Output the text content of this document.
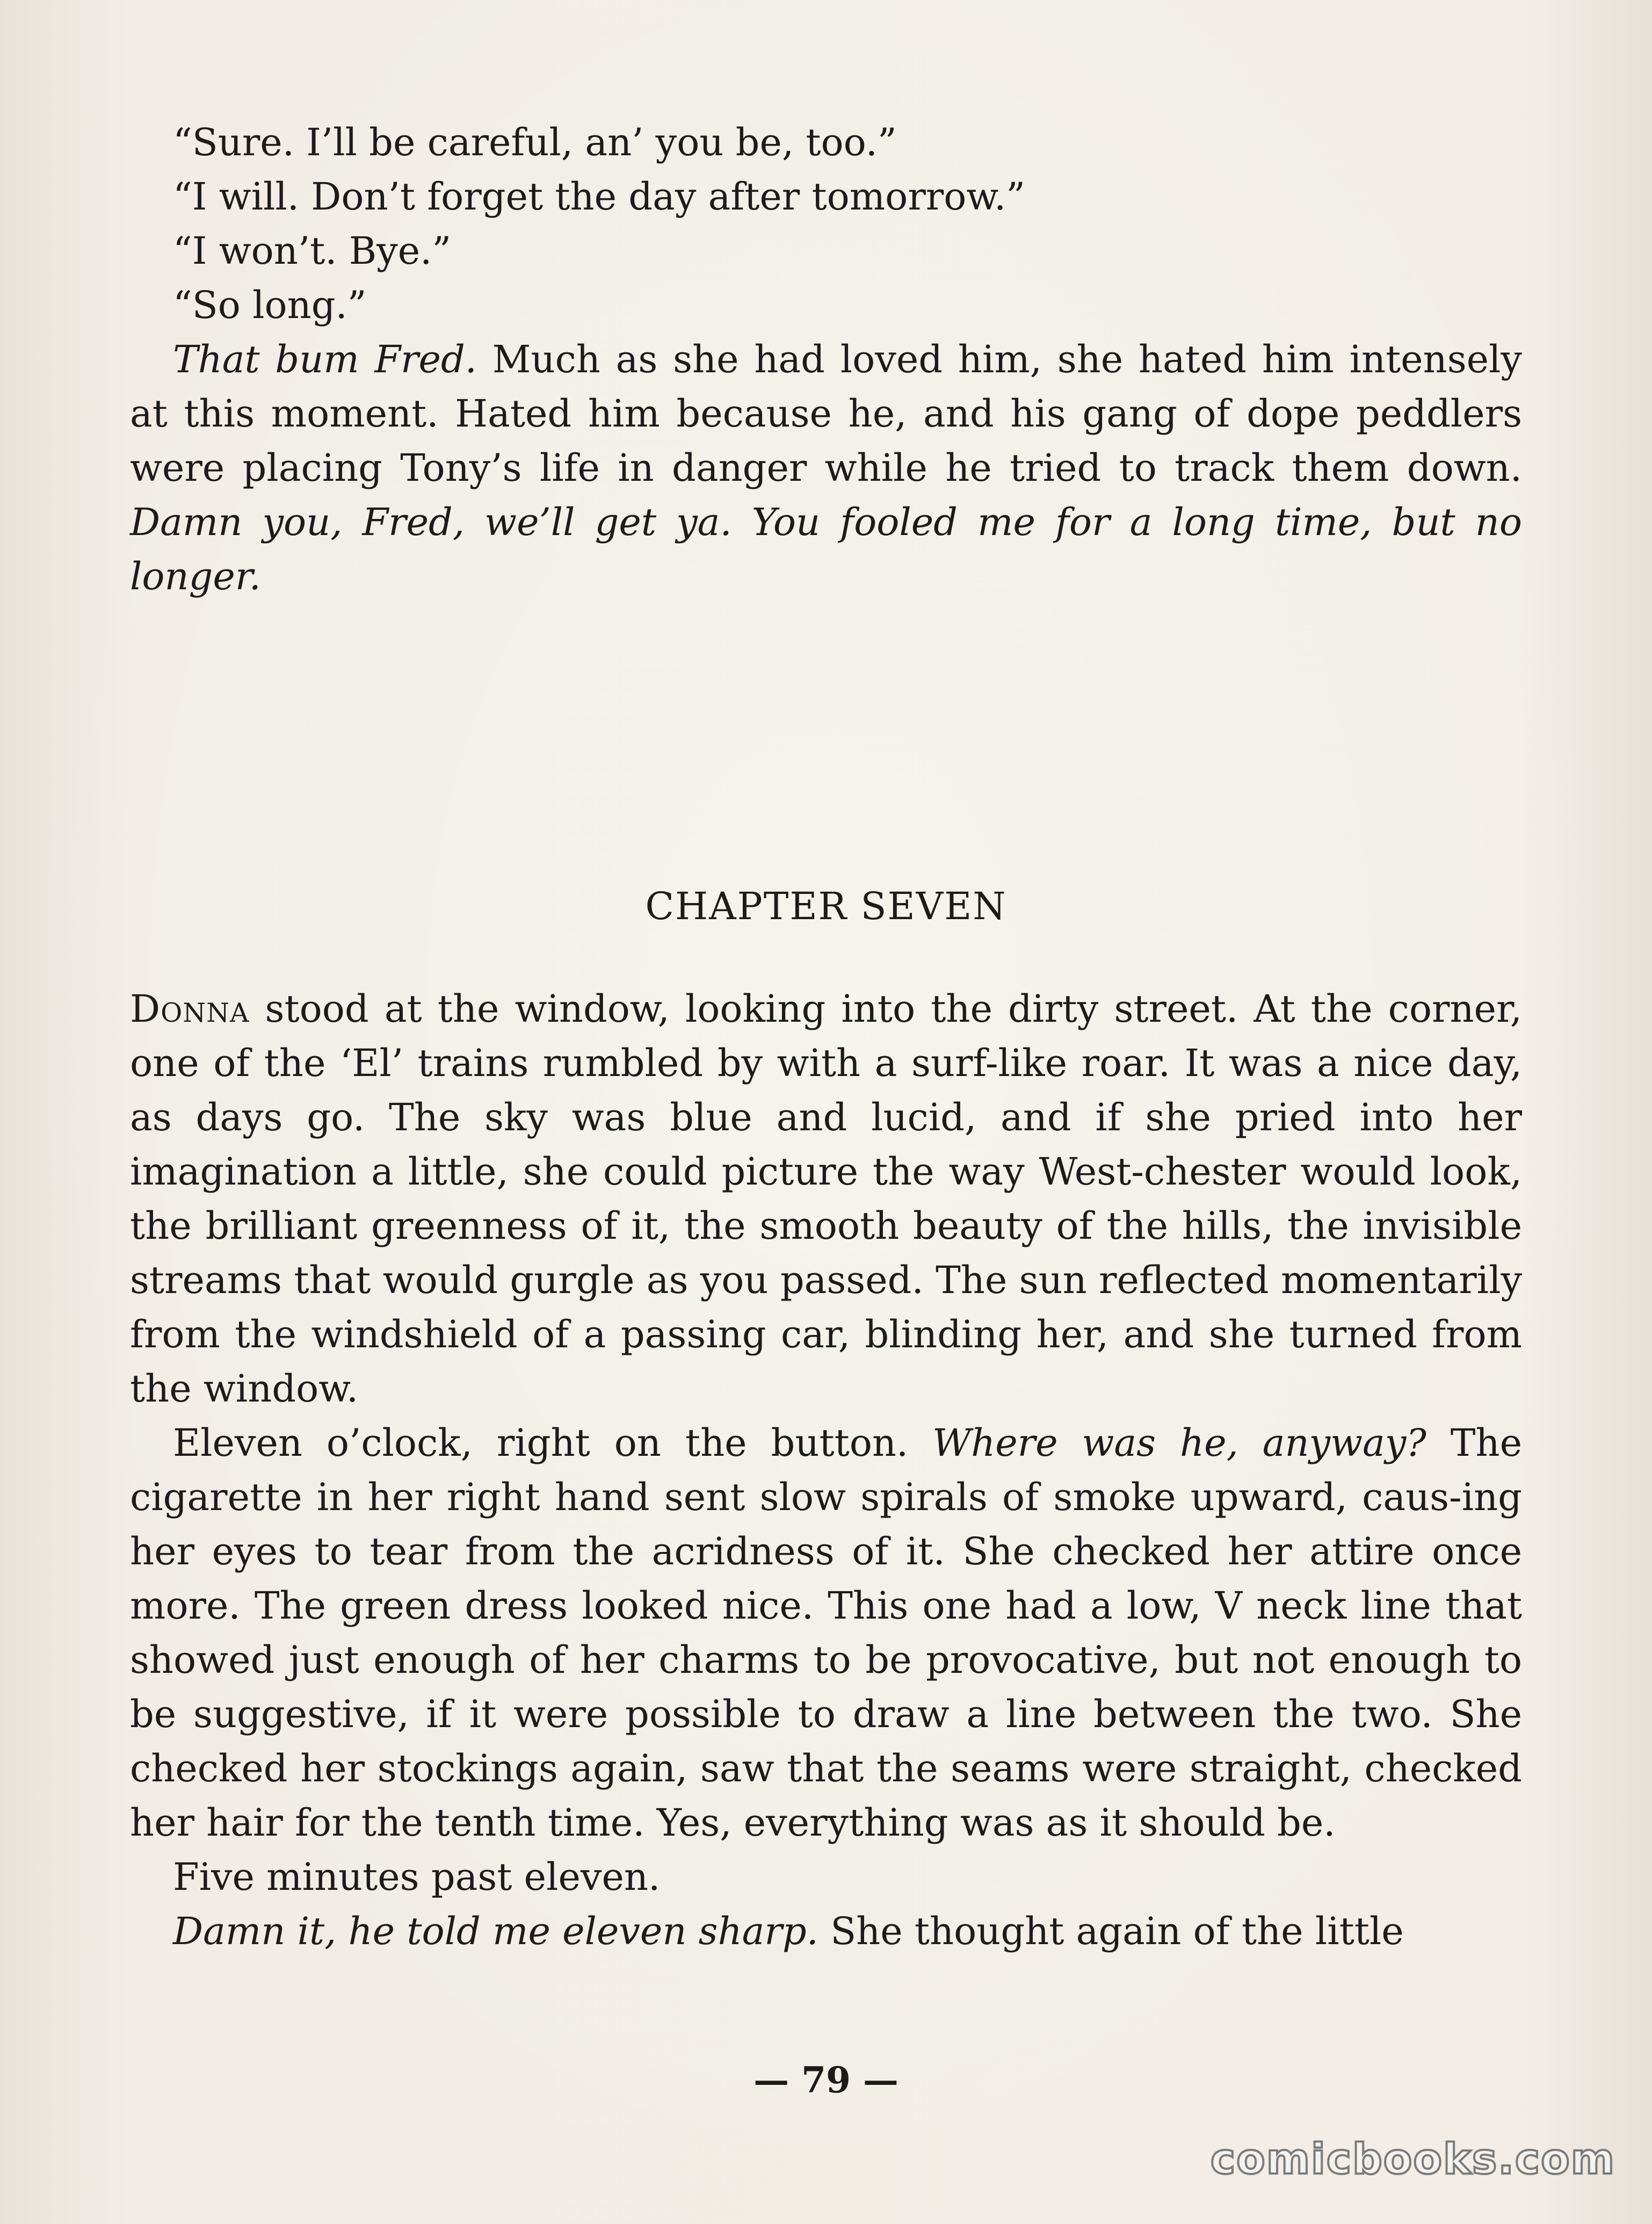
“Sure. I’ll be careful, an’ you be, too.”

“I will. Don’t forget the day after tomorrow.”

“I won’t. Bye.”

“So long.”

That bum Fred. Much as she had loved him, she hated him intensely at this moment. Hated him because he, and his gang of dope peddlers were placing Tony’s life in danger while he tried to track them down. Damn you, Fred, we’ll get ya. You fooled me for a long time, but no longer.

CHAPTER SEVEN

Donna stood at the window, looking into the dirty street. At the corner, one of the ‘El’ trains rumbled by with a surf-like roar. It was a nice day, as days go. The sky was blue and lucid, and if she pried into her imagination a little, she could picture the way West-chester would look, the brilliant greenness of it, the smooth beauty of the hills, the invisible streams that would gurgle as you passed. The sun reflected momentarily from the windshield of a passing car, blinding her, and she turned from the window.

Eleven o’clock, right on the button. Where was he, anyway? The cigarette in her right hand sent slow spirals of smoke upward, caus-ing her eyes to tear from the acridness of it. She checked her attire once more. The green dress looked nice. This one had a low, V neck line that showed just enough of her charms to be provocative, but not enough to be suggestive, if it were possible to draw a line between the two. She checked her stockings again, saw that the seams were straight, checked her hair for the tenth time. Yes, everything was as it should be.

Five minutes past eleven.

Damn it, he told me eleven sharp. She thought again of the little

— 79 —
comicbooks.com
